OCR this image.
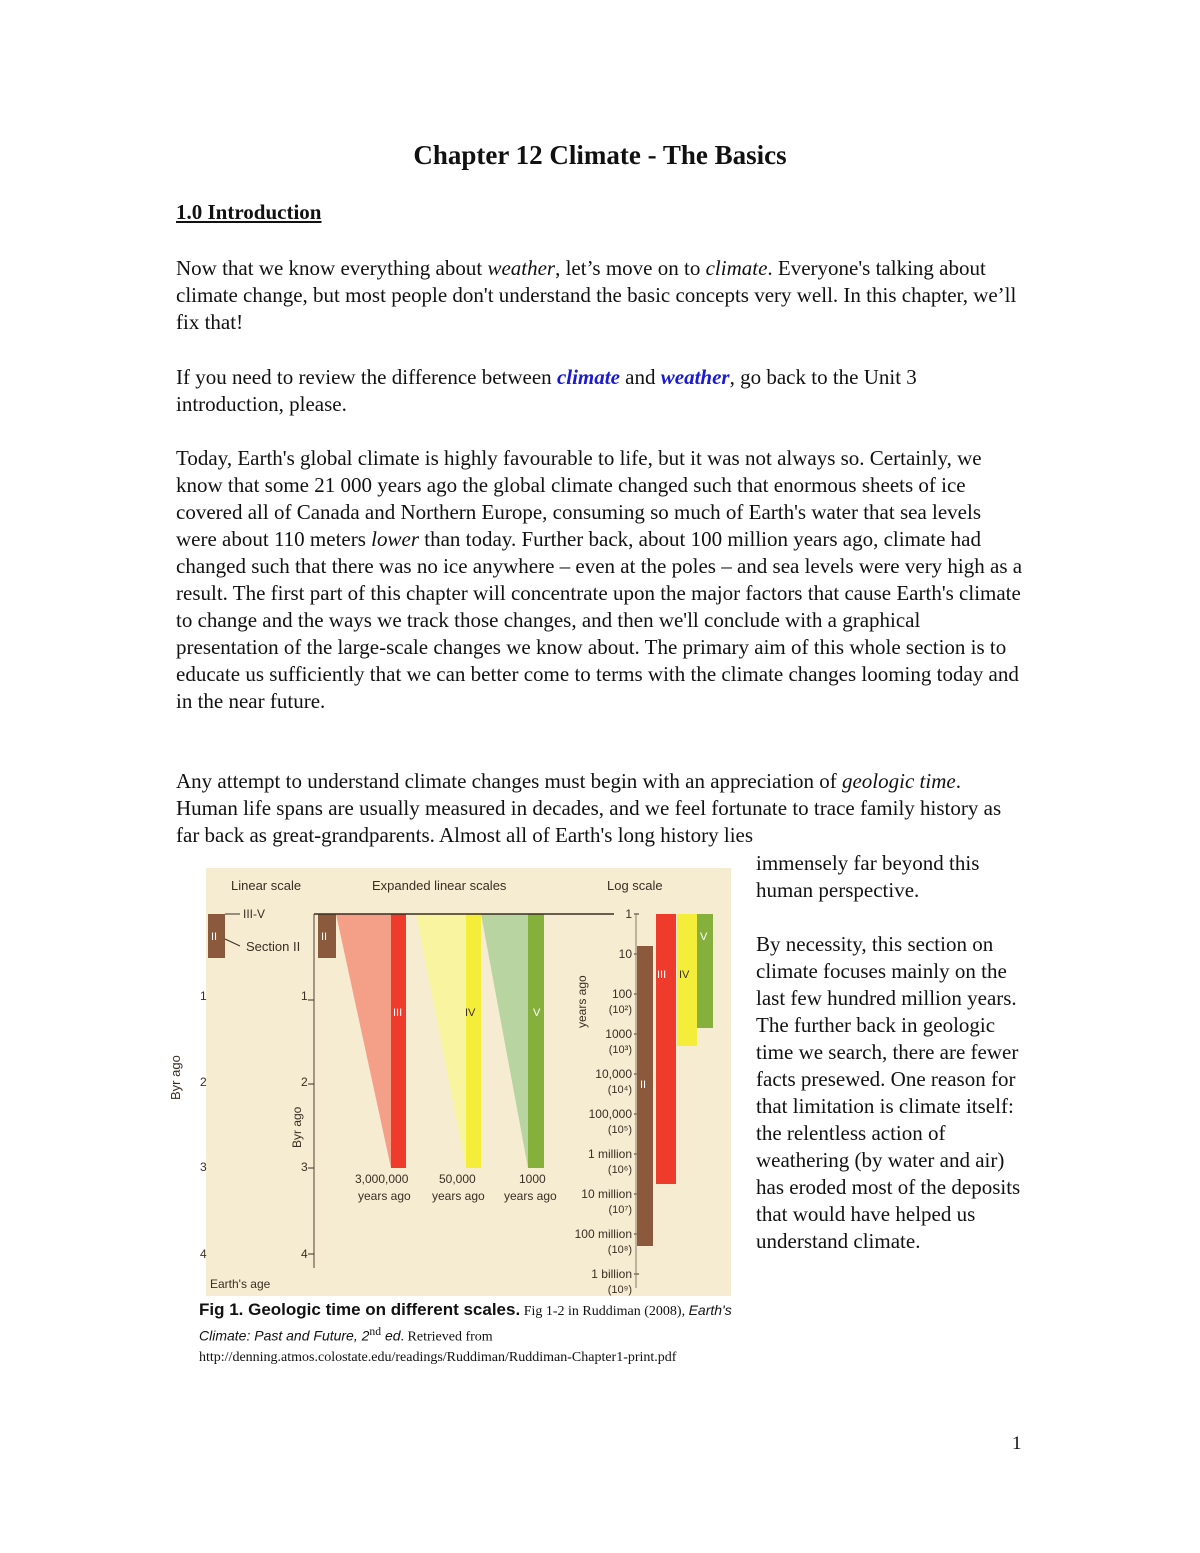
Chapter 12 Climate - The Basics
1.0 Introduction

Now that we know everything about weather, let’s move on to climate. Everyone's talking about climate change, but most people don't understand the basic concepts very well. In this chapter, we’ll fix that!

If you need to review the difference between climate and weather, go back to the Unit 3 introduction, please.

Today, Earth's global climate is highly favourable to life, but it was not always so. Certainly, we know that some 21 000 years ago the global climate changed such that enormous sheets of ice covered all of Canada and Northern Europe, consuming so much of Earth's water that sea levels were about 110 meters lower than today. Further back, about 100 million years ago, climate had changed such that there was no ice anywhere – even at the poles – and sea levels were very high as a result. The first part of this chapter will concentrate upon the major factors that cause Earth's climate to change and the ways we track those changes, and then we'll conclude with a graphical presentation of the large-scale changes we know about. The primary aim of this whole section is to educate us sufficiently that we can better come to terms with the climate changes looming today and in the near future.

Any attempt to understand climate changes must begin with an appreciation of geologic time. Human life spans are usually measured in decades, and we feel fortunate to trace family history as far back as great-grandparents. Almost all of Earth's long history lies

immensely far beyond this human perspective.

By necessity, this section on climate focuses mainly on the last few hundred million years. The further back in geologic time we search, there are fewer facts presewed. One reason for that limitation is climate itself: the relentless action of weathering (by water and air) has eroded most of the deposits that would have helped us understand climate.

Linear scale	Expanded linear scales	Log scale
II
III-V
Section II
1
2
3
4
Earth's age
1
2
3
4
Byr ago
II
III	IV	V
3,000,000
years ago
50,000
years ago
1000
years ago
years ago
1
10
100
(10²)
1000
(10³)
10,000
(10⁴)
100,000
(10⁵)
1 million
(10⁶)
10 million
(10⁷)
100 million
(10⁸)
1 billion
(10⁹)
II
III IV
V
Fig 1. Geologic time on different scales. Fig 1-2 in Ruddiman (2008), Earth's Climate: Past and Future, 2nd ed. Retrieved from http://denning.atmos.colostate.edu/readings/Ruddiman/Ruddiman-Chapter1-print.pdf
1
Byr ago
